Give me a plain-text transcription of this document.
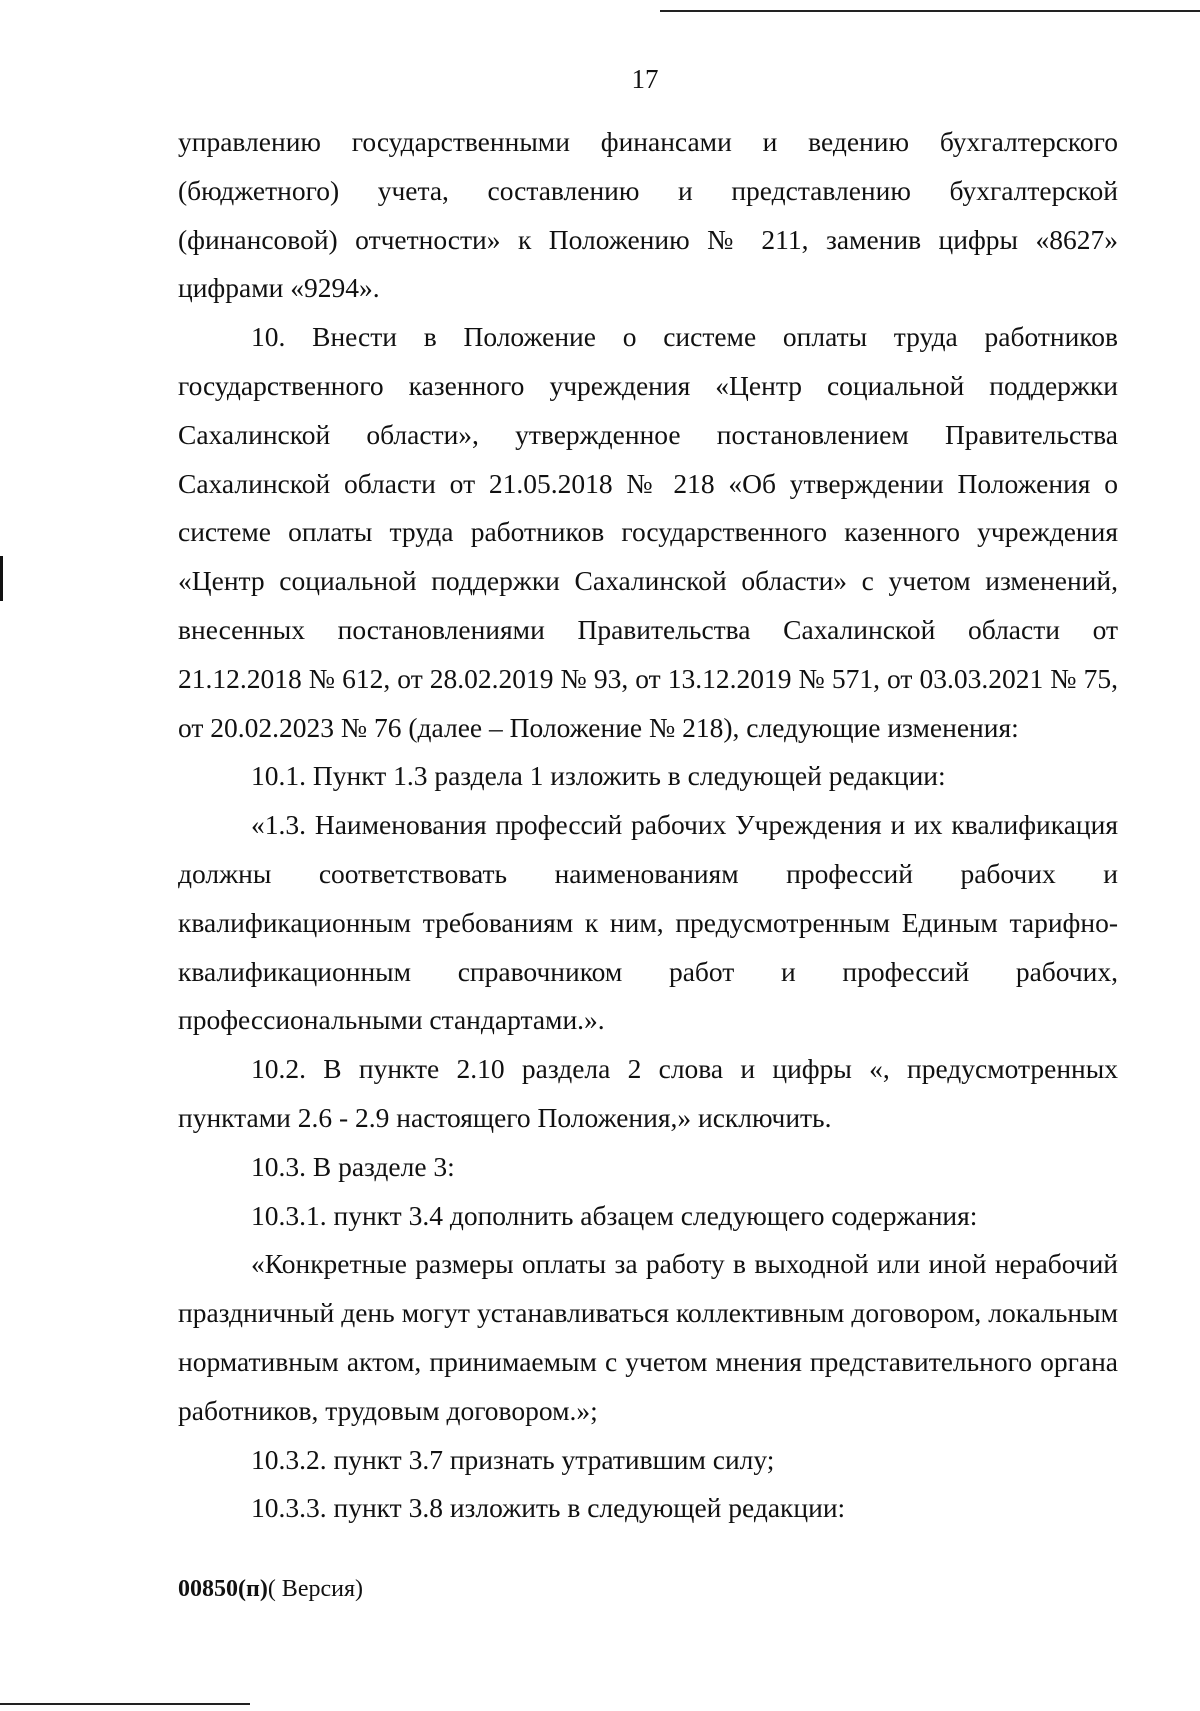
17

управлению государственными финансами и ведению бухгалтерского (бюджетного) учета, составлению и представлению бухгалтерской (финансовой) отчетности» к Положению № 211, заменив цифры «8627» цифрами «9294».

10. Внести в Положение о системе оплаты труда работников государственного казенного учреждения «Центр социальной поддержки Сахалинской области», утвержденное постановлением Правительства Сахалинской области от 21.05.2018 № 218 «Об утверждении Положения о системе оплаты труда работников государственного казенного учреждения «Центр социальной поддержки Сахалинской области» с учетом изменений, внесенных постановлениями Правительства Сахалинской области от 21.12.2018 № 612, от 28.02.2019 № 93, от 13.12.2019 № 571, от 03.03.2021 № 75, от 20.02.2023 № 76 (далее – Положение № 218), следующие изменения:

10.1. Пункт 1.3 раздела 1 изложить в следующей редакции:

«1.3. Наименования профессий рабочих Учреждения и их квалификация должны соответствовать наименованиям профессий рабочих и квалификационным требованиям к ним, предусмотренным Единым тарифно-квалификационным справочником работ и профессий рабочих, профессиональными стандартами.».

10.2. В пункте 2.10 раздела 2 слова и цифры «, предусмотренных пунктами 2.6 - 2.9 настоящего Положения,» исключить.

10.3. В разделе 3:

10.3.1. пункт 3.4 дополнить абзацем следующего содержания:

«Конкретные размеры оплаты за работу в выходной или иной нерабочий праздничный день могут устанавливаться коллективным договором, локальным нормативным актом, принимаемым с учетом мнения представительного органа работников, трудовым договором.»;

10.3.2. пункт 3.7 признать утратившим силу;

10.3.3. пункт 3.8 изложить в следующей редакции:

00850(п)( Версия)
